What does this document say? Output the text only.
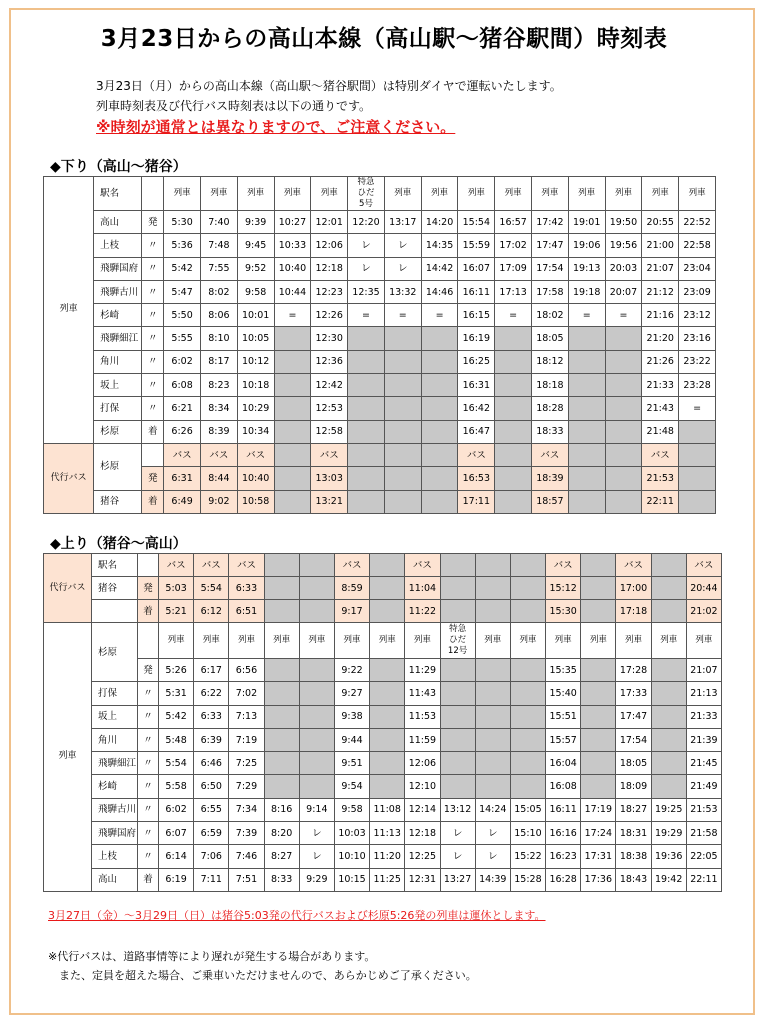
3月23日からの高山本線（高山駅～猪谷駅間）時刻表
3月23日（月）からの高山本線（高山駅～猪谷駅間）は特別ダイヤで運転いたします。
列車時刻表及び代行バス時刻表は以下の通りです。
※時刻が通常とは異なりますので、ご注意ください。
◆下り（高山～猪谷）
列車	駅名		列車	列車	列車	列車	列車	特急
ひだ
5号	列車	列車	列車	列車	列車	列車	列車	列車	列車
	高山	発	5:30	7:40	9:39	10:27	12:01	12:20	13:17	14:20	15:54	16:57	17:42	19:01	19:50	20:55	22:52
	上枝	〃	5:36	7:48	9:45	10:33	12:06	レ	レ	14:35	15:59	17:02	17:47	19:06	19:56	21:00	22:58
	飛騨国府	〃	5:42	7:55	9:52	10:40	12:18	レ	レ	14:42	16:07	17:09	17:54	19:13	20:03	21:07	23:04
	飛騨古川	〃	5:47	8:02	9:58	10:44	12:23	12:35	13:32	14:46	16:11	17:13	17:58	19:18	20:07	21:12	23:09
	杉崎	〃	5:50	8:06	10:01	=	12:26	=	=	=	16:15	=	18:02	=	=	21:16	23:12
	飛騨細江	〃	5:55	8:10	10:05		12:30				16:19		18:05			21:20	23:16
	角川	〃	6:02	8:17	10:12		12:36				16:25		18:12			21:26	23:22
	坂上	〃	6:08	8:23	10:18		12:42				16:31		18:18			21:33	23:28
	打保	〃	6:21	8:34	10:29		12:53				16:42		18:28			21:43	=
	杉原	着	6:26	8:39	10:34		12:58				16:47		18:33			21:48	
代行バス	杉原		バス	バス	バス		バス				バス		バス			バス	
		発	6:31	8:44	10:40		13:03				16:53		18:39			21:53	
	猪谷	着	6:49	9:02	10:58		13:21				17:11		18:57			22:11	
◆上り（猪谷～高山）
代行バス	駅名		バス	バス	バス			バス		バス				バス		バス		バス
	猪谷	発	5:03	5:54	6:33			8:59		11:04				15:12		17:00		20:44
		着	5:21	6:12	6:51			9:17		11:22				15:30		17:18		21:02
列車	杉原		列車	列車	列車	列車	列車	列車	列車	列車	特急
ひだ
12号	列車	列車	列車	列車	列車	列車	列車
		発	5:26	6:17	6:56			9:22		11:29				15:35		17:28		21:07
	打保	〃	5:31	6:22	7:02			9:27		11:43				15:40		17:33		21:13
	坂上	〃	5:42	6:33	7:13			9:38		11:53				15:51		17:47		21:33
	角川	〃	5:48	6:39	7:19			9:44		11:59				15:57		17:54		21:39
	飛騨細江	〃	5:54	6:46	7:25			9:51		12:06				16:04		18:05		21:45
	杉崎	〃	5:58	6:50	7:29			9:54		12:10				16:08		18:09		21:49
	飛騨古川	〃	6:02	6:55	7:34	8:16	9:14	9:58	11:08	12:14	13:12	14:24	15:05	16:11	17:19	18:27	19:25	21:53
	飛騨国府	〃	6:07	6:59	7:39	8:20	レ	10:03	11:13	12:18	レ	レ	15:10	16:16	17:24	18:31	19:29	21:58
	上枝	〃	6:14	7:06	7:46	8:27	レ	10:10	11:20	12:25	レ	レ	15:22	16:23	17:31	18:38	19:36	22:05
	高山	着	6:19	7:11	7:51	8:33	9:29	10:15	11:25	12:31	13:27	14:39	15:28	16:28	17:36	18:43	19:42	22:11
3月27日（金）～3月29日（日）は猪谷5:03発の代行バスおよび杉原5:26発の列車は運休とします。
※代行バスは、道路事情等により遅れが発生する場合があります。
　また、定員を超えた場合、ご乗車いただけませんので、あらかじめご了承ください。
